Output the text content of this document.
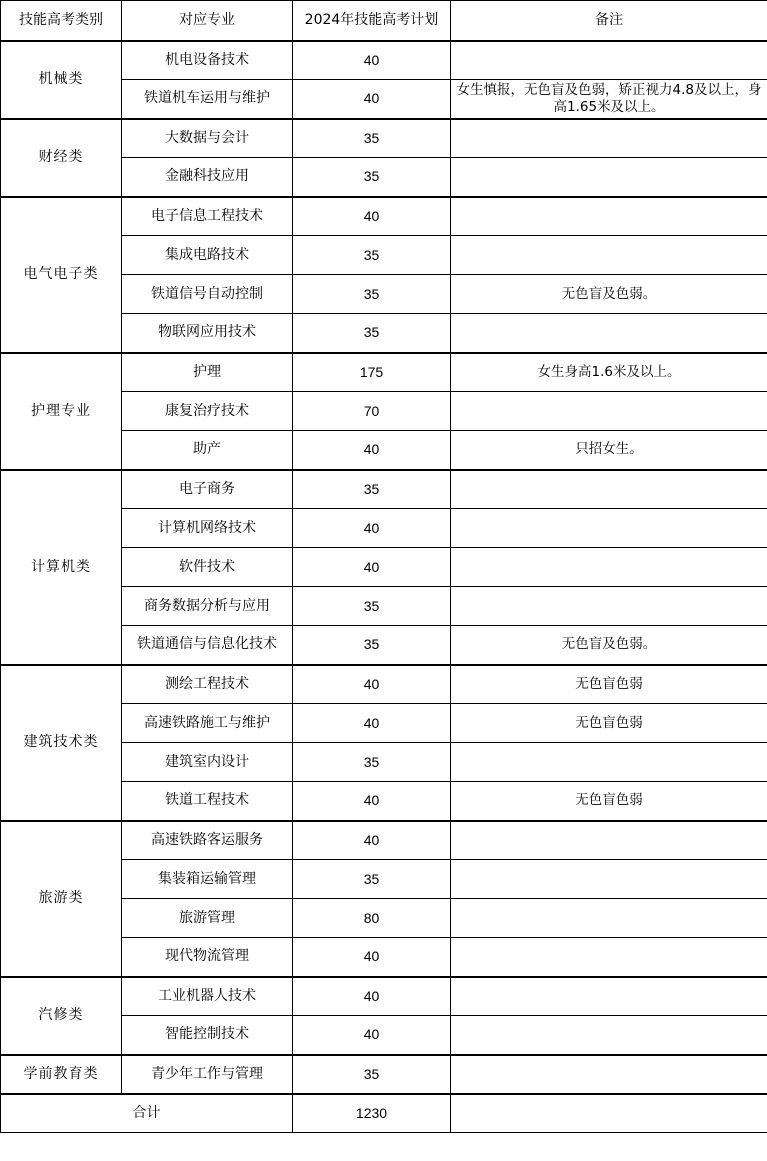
技能高考类别	对应专业	2024年技能高考计划	备注
机械类	机电设备技术	40	
	铁道机车运用与维护	40	女生慎报，无色盲及色弱，矫正视力4.8及以上，身高1.65米及以上。
财经类	大数据与会计	35	
	金融科技应用	35	
电气电子类	电子信息工程技术	40	
	集成电路技术	35	
	铁道信号自动控制	35	无色盲及色弱。
	物联网应用技术	35	
护理专业	护理	175	女生身高1.6米及以上。
	康复治疗技术	70	
	助产	40	只招女生。
计算机类	电子商务	35	
	计算机网络技术	40	
	软件技术	40	
	商务数据分析与应用	35	
	铁道通信与信息化技术	35	无色盲及色弱。
建筑技术类	测绘工程技术	40	无色盲色弱
	高速铁路施工与维护	40	无色盲色弱
	建筑室内设计	35	
	铁道工程技术	40	无色盲色弱
旅游类	高速铁路客运服务	40	
	集装箱运输管理	35	
	旅游管理	80	
	现代物流管理	40	
汽修类	工业机器人技术	40	
	智能控制技术	40	
学前教育类	青少年工作与管理	35	
合计		1230	
